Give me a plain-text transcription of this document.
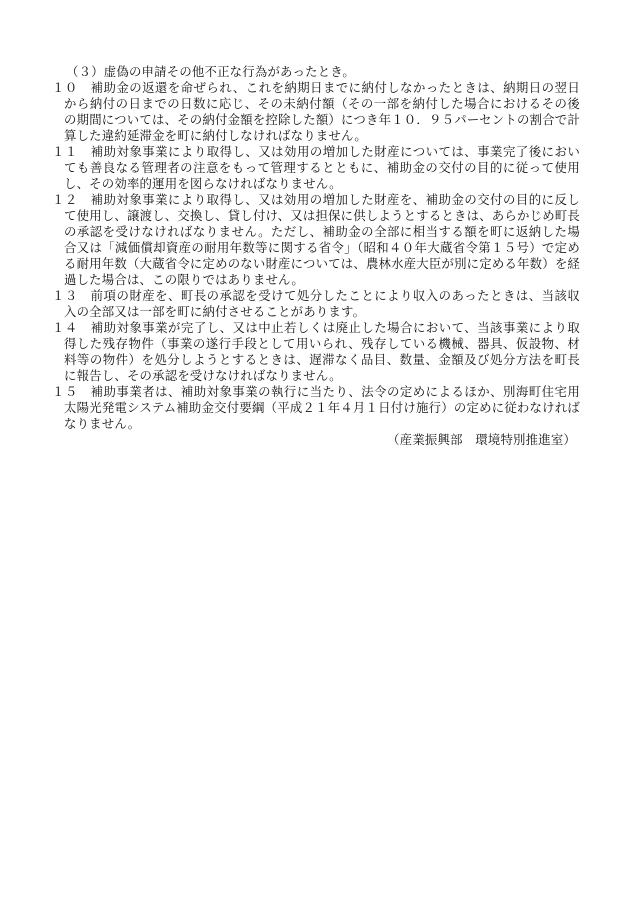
（３）虚偽の申請その他不正な行為があったとき。

１０　補助金の返還を命ぜられ、これを納期日までに納付しなかったときは、納期日の翌日から納付の日までの日数に応じ、その未納付額（その一部を納付した場合におけるその後の期間については、その納付金額を控除した額）につき年１０．９５パーセントの割合で計算した違約延滞金を町に納付しなければなりません。

１１　補助対象事業により取得し、又は効用の増加した財産については、事業完了後においても善良なる管理者の注意をもって管理するとともに、補助金の交付の目的に従って使用し、その効率的運用を図らなければなりません。

１２　補助対象事業により取得し、又は効用の増加した財産を、補助金の交付の目的に反して使用し、譲渡し、交換し、貸し付け、又は担保に供しようとするときは、あらかじめ町長の承認を受けなければなりません。ただし、補助金の全部に相当する額を町に返納した場合又は「減価償却資産の耐用年数等に関する省令」（昭和４０年大蔵省令第１５号）で定める耐用年数（大蔵省令に定めのない財産については、農林水産大臣が別に定める年数）を経過した場合は、この限りではありません。

１３　前項の財産を、町長の承認を受けて処分したことにより収入のあったときは、当該収入の全部又は一部を町に納付させることがあります。

１４　補助対象事業が完了し、又は中止若しくは廃止した場合において、当該事業により取得した残存物件（事業の遂行手段として用いられ、残存している機械、器具、仮設物、材料等の物件）を処分しようとするときは、遅滞なく品目、数量、金額及び処分方法を町長に報告し、その承認を受けなければなりません。

１５　補助事業者は、補助対象事業の執行に当たり、法令の定めによるほか、別海町住宅用太陽光発電システム補助金交付要綱（平成２１年４月１日付け施行）の定めに従わなければなりません。

（産業振興部　環境特別推進室）
